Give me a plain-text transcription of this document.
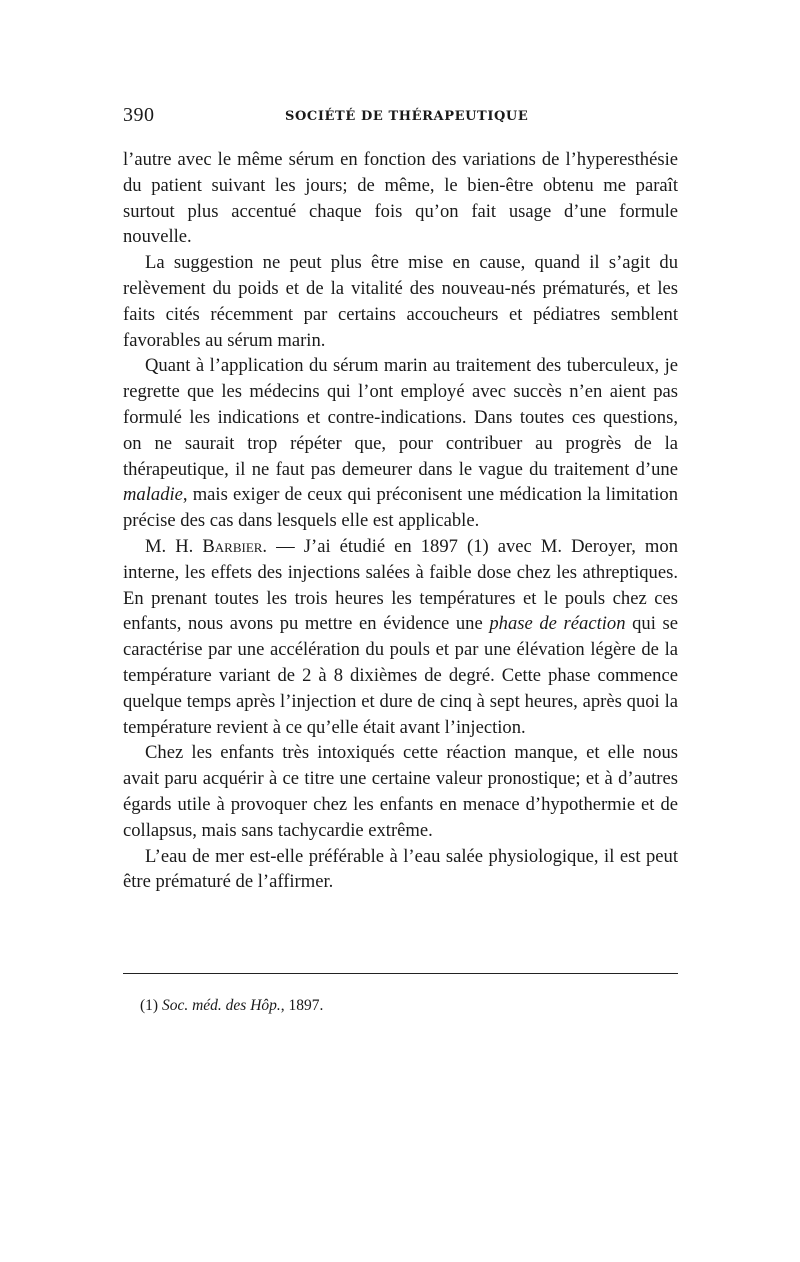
390	SOCIÉTÉ DE THÉRAPEUTIQUE

l’autre avec le même sérum en fonction des variations de l’hyperesthésie du patient suivant les jours; de même, le bien-être obtenu me paraît surtout plus accentué chaque fois qu’on fait usage d’une formule nouvelle.

La suggestion ne peut plus être mise en cause, quand il s’agit du relèvement du poids et de la vitalité des nouveau-nés prématurés, et les faits cités récemment par certains accoucheurs et pédiatres semblent favorables au sérum marin.

Quant à l’application du sérum marin au traitement des tuberculeux, je regrette que les médecins qui l’ont employé avec succès n’en aient pas formulé les indications et contre-indications. Dans toutes ces questions, on ne saurait trop répéter que, pour contribuer au progrès de la thérapeutique, il ne faut pas demeurer dans le vague du traitement d’une maladie, mais exiger de ceux qui préconisent une médication la limitation précise des cas dans lesquels elle est applicable.

M. H. Barbier. — J’ai étudié en 1897 (1) avec M. Deroyer, mon interne, les effets des injections salées à faible dose chez les athreptiques. En prenant toutes les trois heures les températures et le pouls chez ces enfants, nous avons pu mettre en évidence une phase de réaction qui se caractérise par une accélération du pouls et par une élévation légère de la température variant de 2 à 8 dixièmes de degré. Cette phase commence quelque temps après l’injection et dure de cinq à sept heures, après quoi la température revient à ce qu’elle était avant l’injection.

Chez les enfants très intoxiqués cette réaction manque, et elle nous avait paru acquérir à ce titre une certaine valeur pronostique; et à d’autres égards utile à provoquer chez les enfants en menace d’hypothermie et de collapsus, mais sans tachycardie extrême.

L’eau de mer est-elle préférable à l’eau salée physiologique, il est peut être prématuré de l’affirmer.

(1) Soc. méd. des Hôp., 1897.
